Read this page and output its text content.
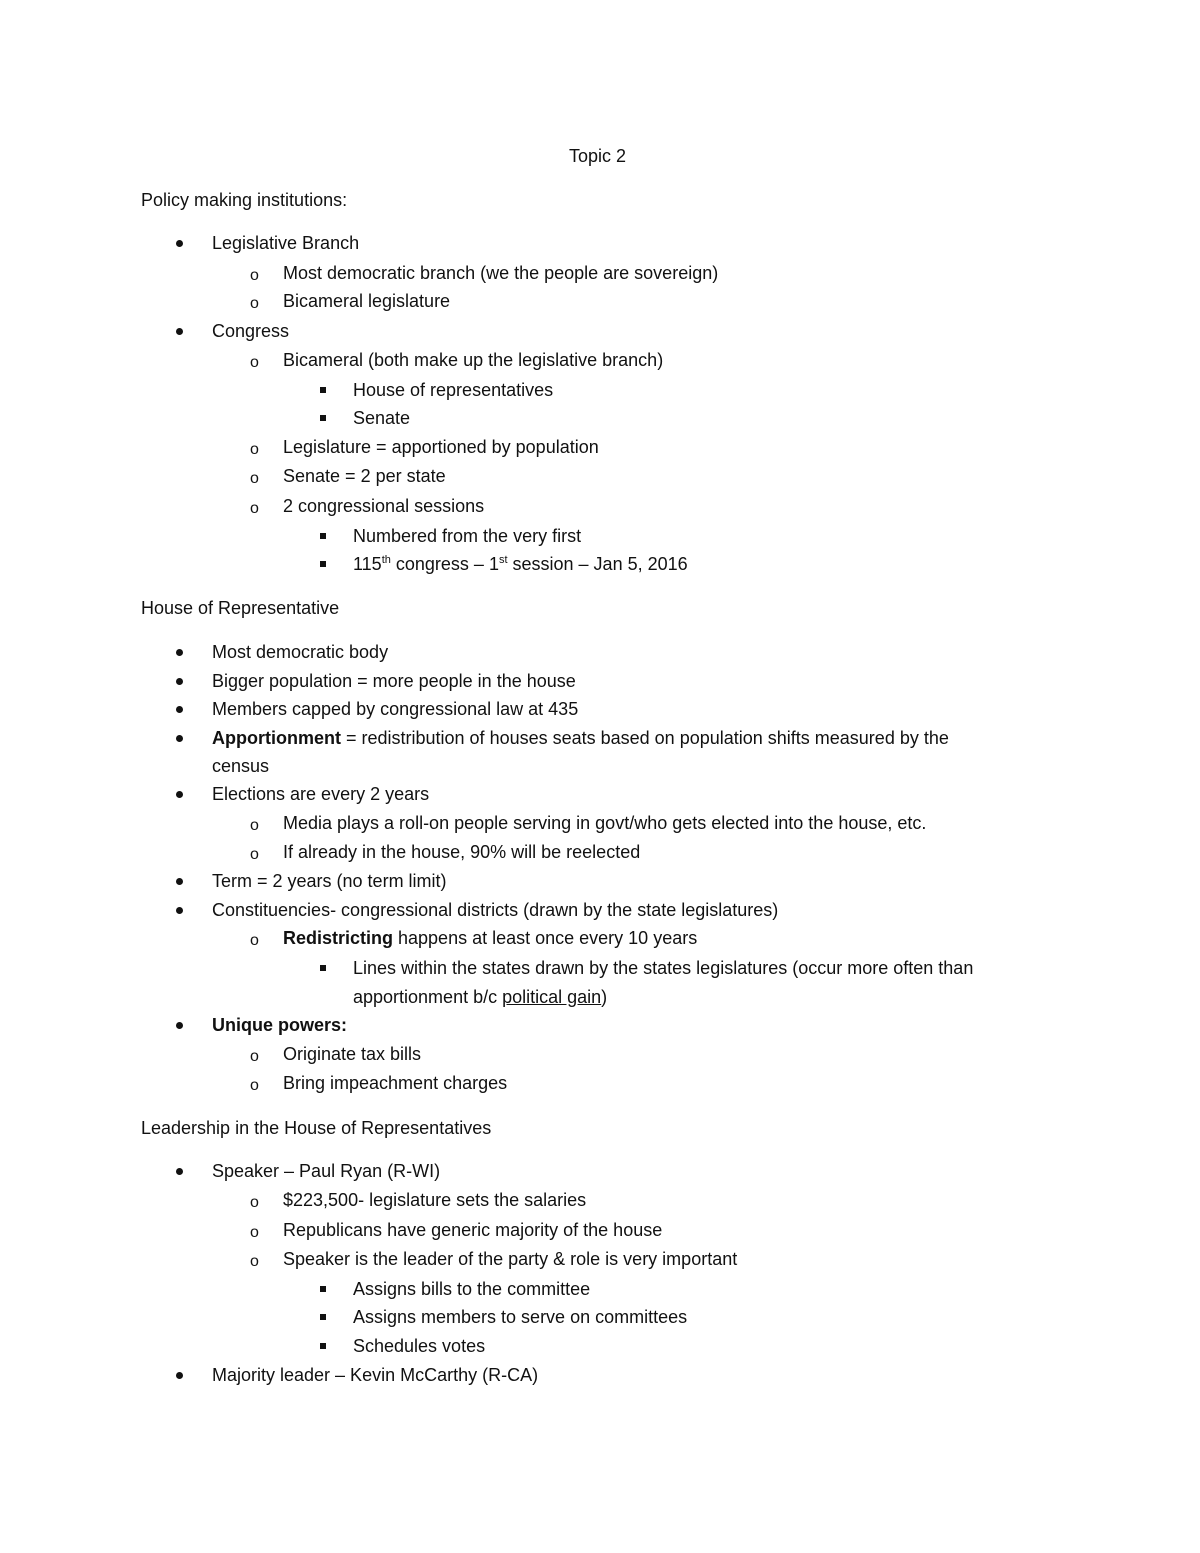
Topic 2
Policy making institutions:
Legislative Branch
o Most democratic branch (we the people are sovereign)
o Bicameral legislature
Congress
o Bicameral (both make up the legislative branch)
House of representatives
Senate
o Legislature = apportioned by population
o Senate = 2 per state
o 2 congressional sessions
Numbered from the very first
115th congress – 1st session – Jan 5, 2016
House of Representative
Most democratic body
Bigger population = more people in the house
Members capped by congressional law at 435
Apportionment = redistribution of houses seats based on population shifts measured by the
census
Elections are every 2 years
o Media plays a roll-on people serving in govt/who gets elected into the house, etc.
o If already in the house, 90% will be reelected
Term = 2 years (no term limit)
Constituencies- congressional districts (drawn by the state legislatures)
o Redistricting happens at least once every 10 years
Lines within the states drawn by the states legislatures (occur more often than
apportionment b/c political gain)
Unique powers:
o Originate tax bills
o Bring impeachment charges
Leadership in the House of Representatives
Speaker – Paul Ryan (R-WI)
o $223,500- legislature sets the salaries
o Republicans have generic majority of the house
o Speaker is the leader of the party & role is very important
Assigns bills to the committee
Assigns members to serve on committees
Schedules votes
Majority leader – Kevin McCarthy (R-CA)
